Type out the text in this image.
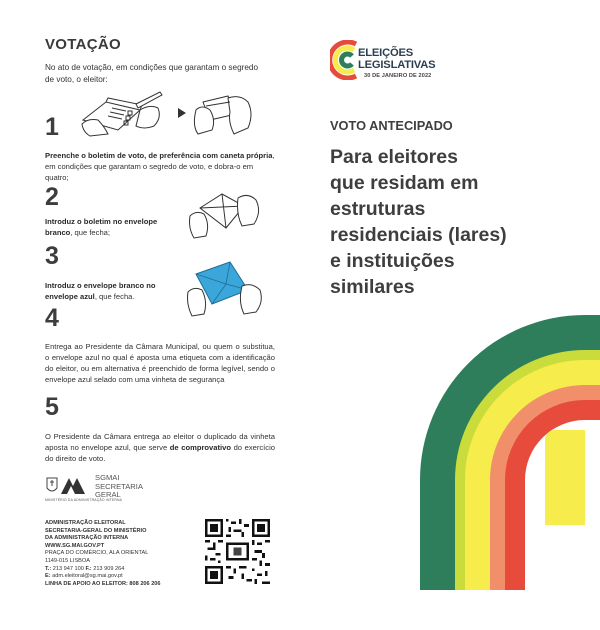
VOTAÇÃO
No ato de votação, em condições que garantam o segredo de voto, o eleitor:
1
Preenche o boletim de voto, de preferência com caneta própria, em condições que garantam o segredo de voto, e dobra-o em quatro;
2
Introduz o boletim no envelope branco, que fecha;
3
Introduz o envelope branco no envelope azul, que fecha.
4
Entrega ao Presidente da Câmara Municipal, ou quem o substitua, o envelope azul no qual é aposta uma etiqueta com a identificação do eleitor, ou em alternativa é preenchido de forma legível, sendo o envelope azul selado com uma vinheta de segurança
5
O Presidente da Câmara entrega ao eleitor o duplicado da vinheta aposta no envelope azul, que serve de comprovativo do exercício do direito de voto.
SGMAI
SECRETARIA
GERAL
MINISTÉRIO DA ADMINISTRAÇÃO INTERNA
ADMINISTRAÇÃO ELEITORAL
SECRETARIA-GERAL DO MINISTÉRIO
DA ADMINISTRAÇÃO INTERNA
WWW.SG.MAI.GOV.PT
PRAÇA DO COMÉRCIO, ALA ORIENTAL
1149-015 LISBOA
T.: 213 947 100 F.: 213 909 264
E: adm.eleitoral@sg.mai.gov.pt
LINHA DE APOIO AO ELEITOR: 808 206 206
ELEIÇÕES
LEGISLATIVAS
30 DE JANEIRO DE 2022
VOTO ANTECIPADO
Para eleitores
que residam em
estruturas
residenciais (lares)
e instituições
similares
